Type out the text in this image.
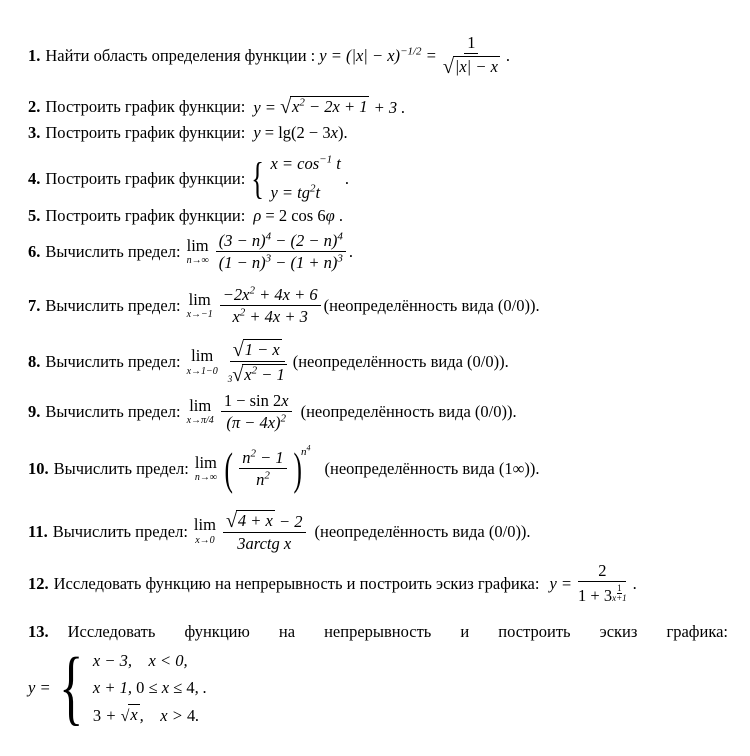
1. Найти область определения функции : $y = (|x| - x)^{-1/2} = \frac{1}{√ |x| - x}$ .
2. Построить график функции: y = √ $x^2 - 2x + 1 + 3$ .
3. Построить график функции: y = lg(2 − 3x).
4. Построить график функции: { $x = \cos^{-1} t$
$y = tg^2t$
.
5. Построить график функции: ρ = 2 cos 6φ .
6. Вычислить предел: lim
$n\to\infty \frac{(3 - n)^4 - (2 - n)^4}{(1 - n)^3 - (1 + n)^3}$ .
7. Вычислить предел: lim
$x\to-1 \frac{-2x^2 + 4x + 6}{x^2 + 4x + 3}$ (неопределённость вида (0/0)).
8. Вычислить предел: lim
$x\to 1-0 \frac{√ 1 - x}{3 √ x^2 - 1}$ (неопределённость вида (0/0)).
9. Вычислить предел: lim
$x\to\pi/4 \frac{1 - \sin 2x}{(\pi - 4x)^2}$ (неопределённость вида (0/0)).
10. Вычислить предел: lim
n→∞ ( $\frac{n^2 - 1}{n^2}$ ) $n^4$
(неопределённость вида (1∞)).
11. Вычислить предел: lim
$x\to 0 \frac{√ 4 + x - 2}{\text{3arctg x}}$ (неопределённость вида (0/0)).
12. Исследовать функцию на непрерывность и построить эскиз графика: $y = \frac{2}{1 + 3 \frac{1}{x+1}}$ .
13. Исследовать функцию на непрерывность и построить эскиз графика:
y = { x − 3,    x < 0,
x + 1, 0 ≤ x ≤ 4, .
3 + √ x ,    x > 4.
